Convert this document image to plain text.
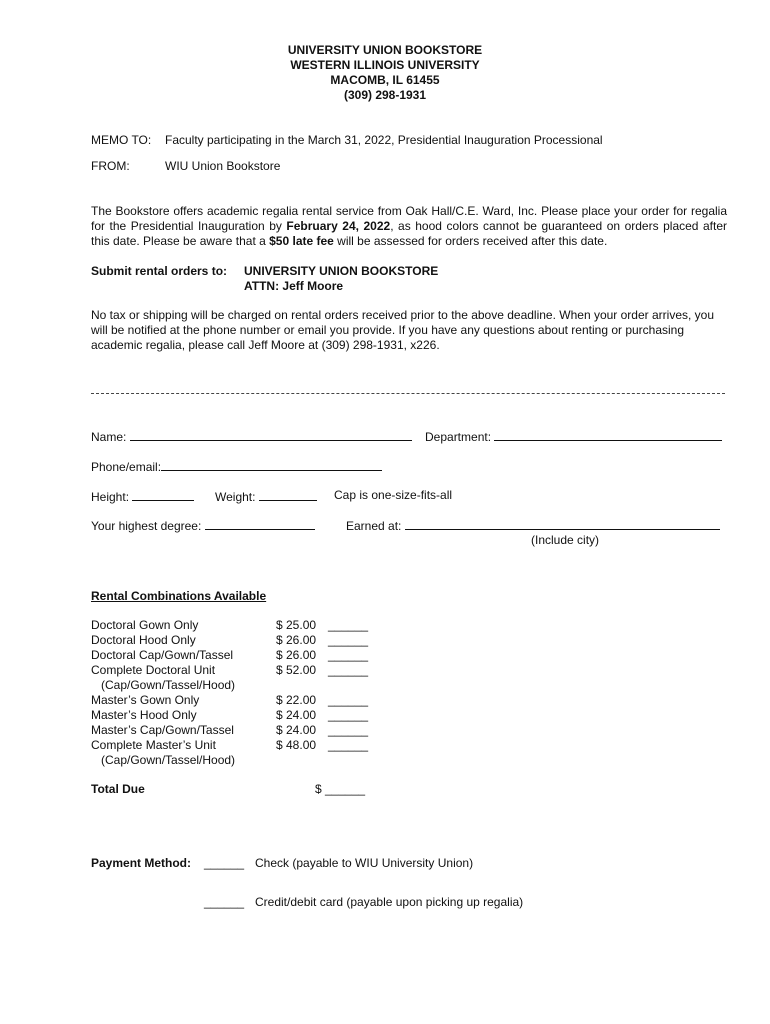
UNIVERSITY UNION BOOKSTORE
WESTERN ILLINOIS UNIVERSITY
MACOMB, IL 61455
(309) 298-1931
MEMO TO: Faculty participating in the March 31, 2022, Presidential Inauguration Processional
FROM:	WIU Union Bookstore
The Bookstore offers academic regalia rental service from Oak Hall/C.E. Ward, Inc. Please place your order for regalia for the Presidential Inauguration by February 24, 2022, as hood colors cannot be guaranteed on orders placed after this date. Please be aware that a $50 late fee will be assessed for orders received after this date.
Submit rental orders to: UNIVERSITY UNION BOOKSTORE
ATTN: Jeff Moore
No tax or shipping will be charged on rental orders received prior to the above deadline. When your order arrives, you will be notified at the phone number or email you provide. If you have any questions about renting or purchasing academic regalia, please call Jeff Moore at (309) 298-1931, x226.
Name:	Department:
Phone/email:
Height:	Weight:	Cap is one-size-fits-all
Your highest degree:	Earned at:
(Include city)
Rental Combinations Available
Doctoral Gown Only	$ 25.00 ______
Doctoral Hood Only	$ 26.00 ______
Doctoral Cap/Gown/Tassel	$ 26.00 ______
Complete Doctoral Unit	$ 52.00 ______
(Cap/Gown/Tassel/Hood)
Master’s Gown Only	$ 22.00 ______
Master’s Hood Only	$ 24.00 ______
Master’s Cap/Gown/Tassel	$ 24.00 ______
Complete Master’s Unit	$ 48.00 ______
(Cap/Gown/Tassel/Hood)
Total Due	$ ______
Payment Method: ______ Check (payable to WIU University Union)
______ Credit/debit card (payable upon picking up regalia)
